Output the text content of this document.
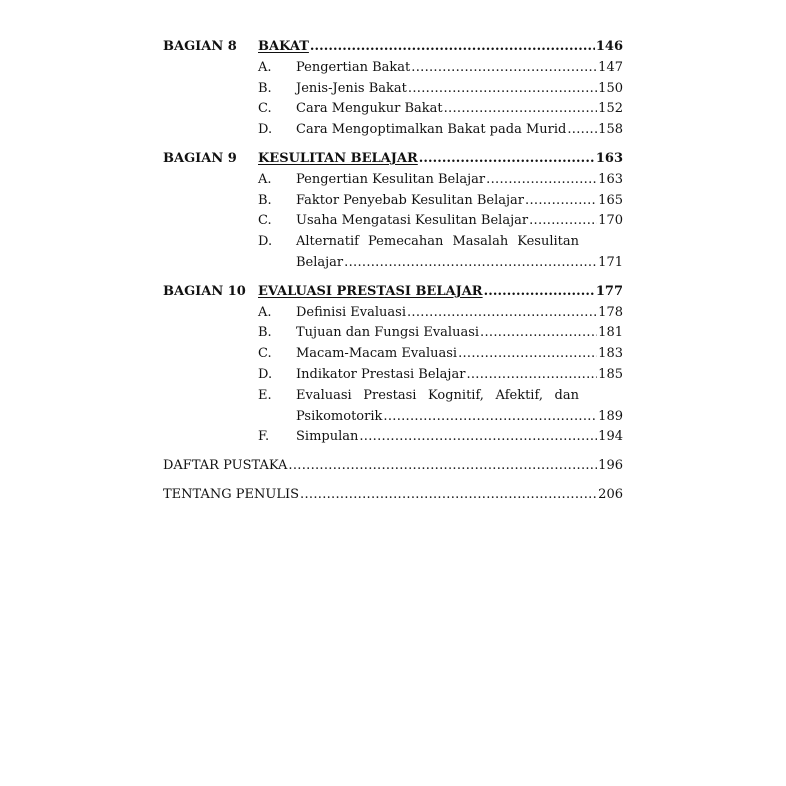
BAGIAN 8	BAKAT .....	146
A.	Pengertian Bakat .....	147
B.	Jenis-Jenis Bakat .....	150
C.	Cara Mengukur Bakat .....	152
D.	Cara Mengoptimalkan Bakat pada Murid ..... 158
BAGIAN 9	KESULITAN BELAJAR .....	163
A.	Pengertian Kesulitan Belajar .....	163
B.	Faktor Penyebab Kesulitan Belajar .....	165
C.	Usaha Mengatasi Kesulitan Belajar .....	170
D.	Alternatif Pemecahan Masalah Kesulitan
Belajar .....	171
BAGIAN 10 EVALUASI PRESTASI BELAJAR .....	177
A.	Definisi Evaluasi .....	178
B.	Tujuan dan Fungsi Evaluasi .....	181
C.	Macam-Macam Evaluasi .....	183
D.	Indikator Prestasi Belajar .....	185
E.	Evaluasi Prestasi Kognitif, Afektif, dan
Psikomotorik .....	189
F.	Simpulan .....	194
DAFTAR PUSTAKA .....	196
TENTANG PENULIS .....	206
